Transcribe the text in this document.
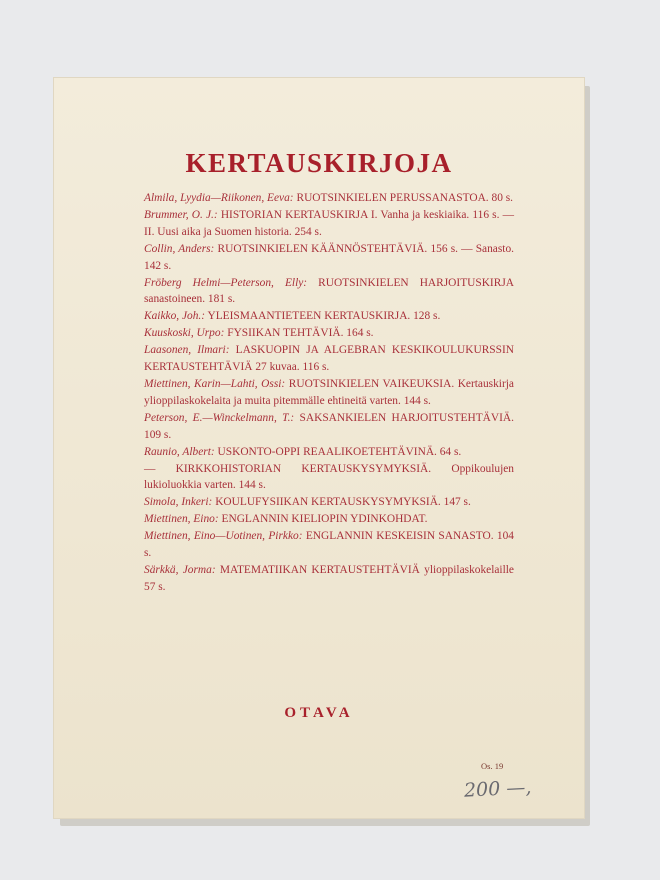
KERTAUSKIRJOJA

Almila, Lyydia—Riikonen, Eeva: RUOTSINKIELEN PERUSSANASTOA. 80 s.

Brummer, O. J.: HISTORIAN KERTAUSKIRJA I. Vanha ja keskiaika. 116 s. — II. Uusi aika ja Suomen historia. 254 s.

Collin, Anders: RUOTSINKIELEN KÄÄNNÖSTEHTÄVIÄ. 156 s. — Sanasto. 142 s.

Fröberg Helmi—Peterson, Elly: RUOTSINKIELEN HARJOITUSKIRJA sanastoineen. 181 s.

Kaikko, Joh.: YLEISMAANTIETEEN KERTAUSKIRJA. 128 s.

Kuuskoski, Urpo: FYSIIKAN TEHTÄVIÄ. 164 s.

Laasonen, Ilmari: LASKUOPIN JA ALGEBRAN KESKIKOULUKURSSIN KERTAUSTEHTÄVIÄ 27 kuvaa. 116 s.

Miettinen, Karin—Lahti, Ossi: RUOTSINKIELEN VAIKEUKSIA. Kertauskirja ylioppilaskokelaita ja muita pitemmälle ehtineitä varten. 144 s.

Peterson, E.—Winckelmann, T.: SAKSANKIELEN HARJOITUSTEHTÄVIÄ. 109 s.

Raunio, Albert: USKONTO-OPPI REAALIKOETEHTÄVINÄ. 64 s.

— KIRKKOHISTORIAN KERTAUSKYSYMYKSIÄ. Oppikoulujen lukioluokkia varten. 144 s.

Simola, Inkeri: KOULUFYSIIKAN KERTAUSKYSYMYKSIÄ. 147 s.

Miettinen, Eino: ENGLANNIN KIELIOPIN YDINKOHDAT.

Miettinen, Eino—Uotinen, Pirkko: ENGLANNIN KESKEISIN SANASTO. 104 s.

Särkkä, Jorma: MATEMATIIKAN KERTAUSTEHTÄVIÄ ylioppilaskokelaille 57 s.

OTAVA
Os. 19
200 —,
